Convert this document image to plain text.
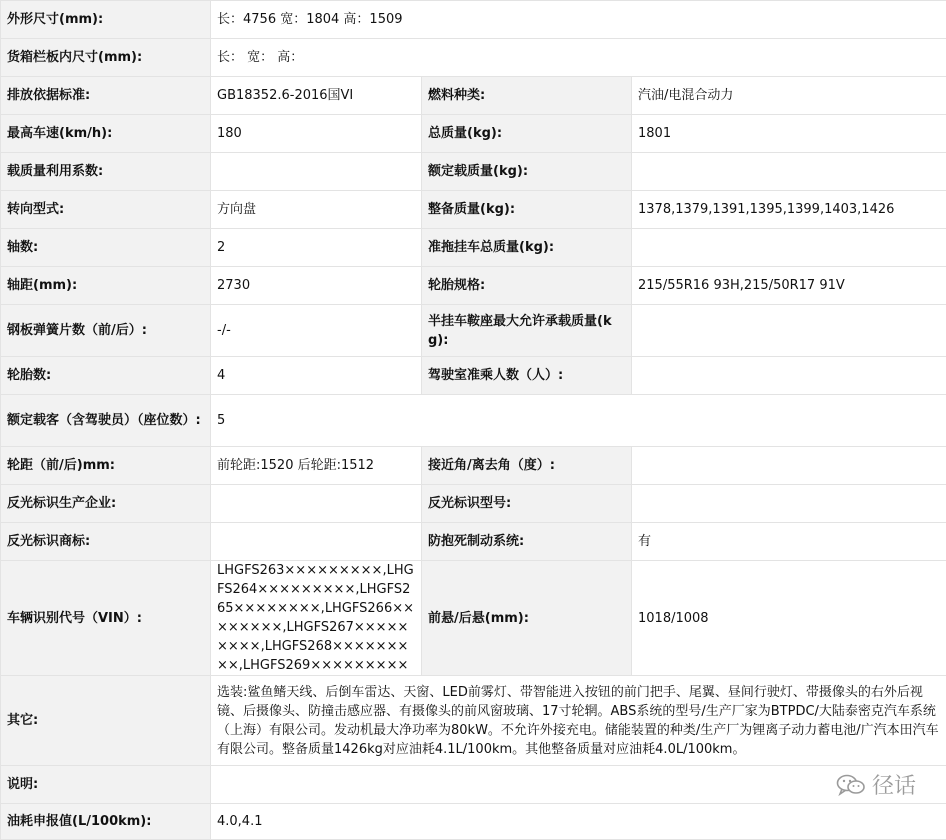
外形尺寸(mm):	长：4756 宽：1804 高：1509		
货箱栏板内尺寸(mm):	长： 宽： 高：		
排放依据标准:	GB18352.6-2016国VI	燃料种类:	汽油/电混合动力
最高车速(km/h):	180	总质量(kg):	1801
载质量利用系数:		额定载质量(kg):	
转向型式:	方向盘	整备质量(kg):	1378,1379,1391,1395,1399,1403,1426
轴数:	2	准拖挂车总质量(kg):	
轴距(mm):	2730	轮胎规格:	215/55R16 93H,215/50R17 91V
钢板弹簧片数（前/后）:	-/-	半挂车鞍座最大允许承载质量(kg):	
轮胎数:	4	驾驶室准乘人数（人）:	
额定载客（含驾驶员）（座位数）:	5		
轮距（前/后)mm:	前轮距:1520 后轮距:1512	接近角/离去角（度）:	
反光标识生产企业:		反光标识型号:	
反光标识商标:		防抱死制动系统:	有
车辆识别代号（VIN）:	LHGFS263×××××××××,LHGFS264×××××××××,LHGFS265××××××××,LHGFS266××××××××,LHGFS267×××××××××,LHGFS268×××××××××,LHGFS269×××××××××	前悬/后悬(mm):	1018/1008
其它:	选装:鲨鱼鳍天线、后倒车雷达、天窗、LED前雾灯、带智能进入按钮的前门把手、尾翼、昼间行驶灯、带摄像头的右外后视镜、后摄像头、防撞击感应器、有摄像头的前风窗玻璃、17寸轮辋。ABS系统的型号/生产厂家为BTPDC/大陆泰密克汽车系统（上海）有限公司。发动机最大净功率为80kW。不允许外接充电。储能装置的种类/生产厂为锂离子动力蓄电池/广汽本田汽车有限公司。整备质量1426kg对应油耗4.1L/100km。其他整备质量对应油耗4.0L/100km。		
说明:			
油耗申报值(L/100km):	4.0,4.1		
径话
